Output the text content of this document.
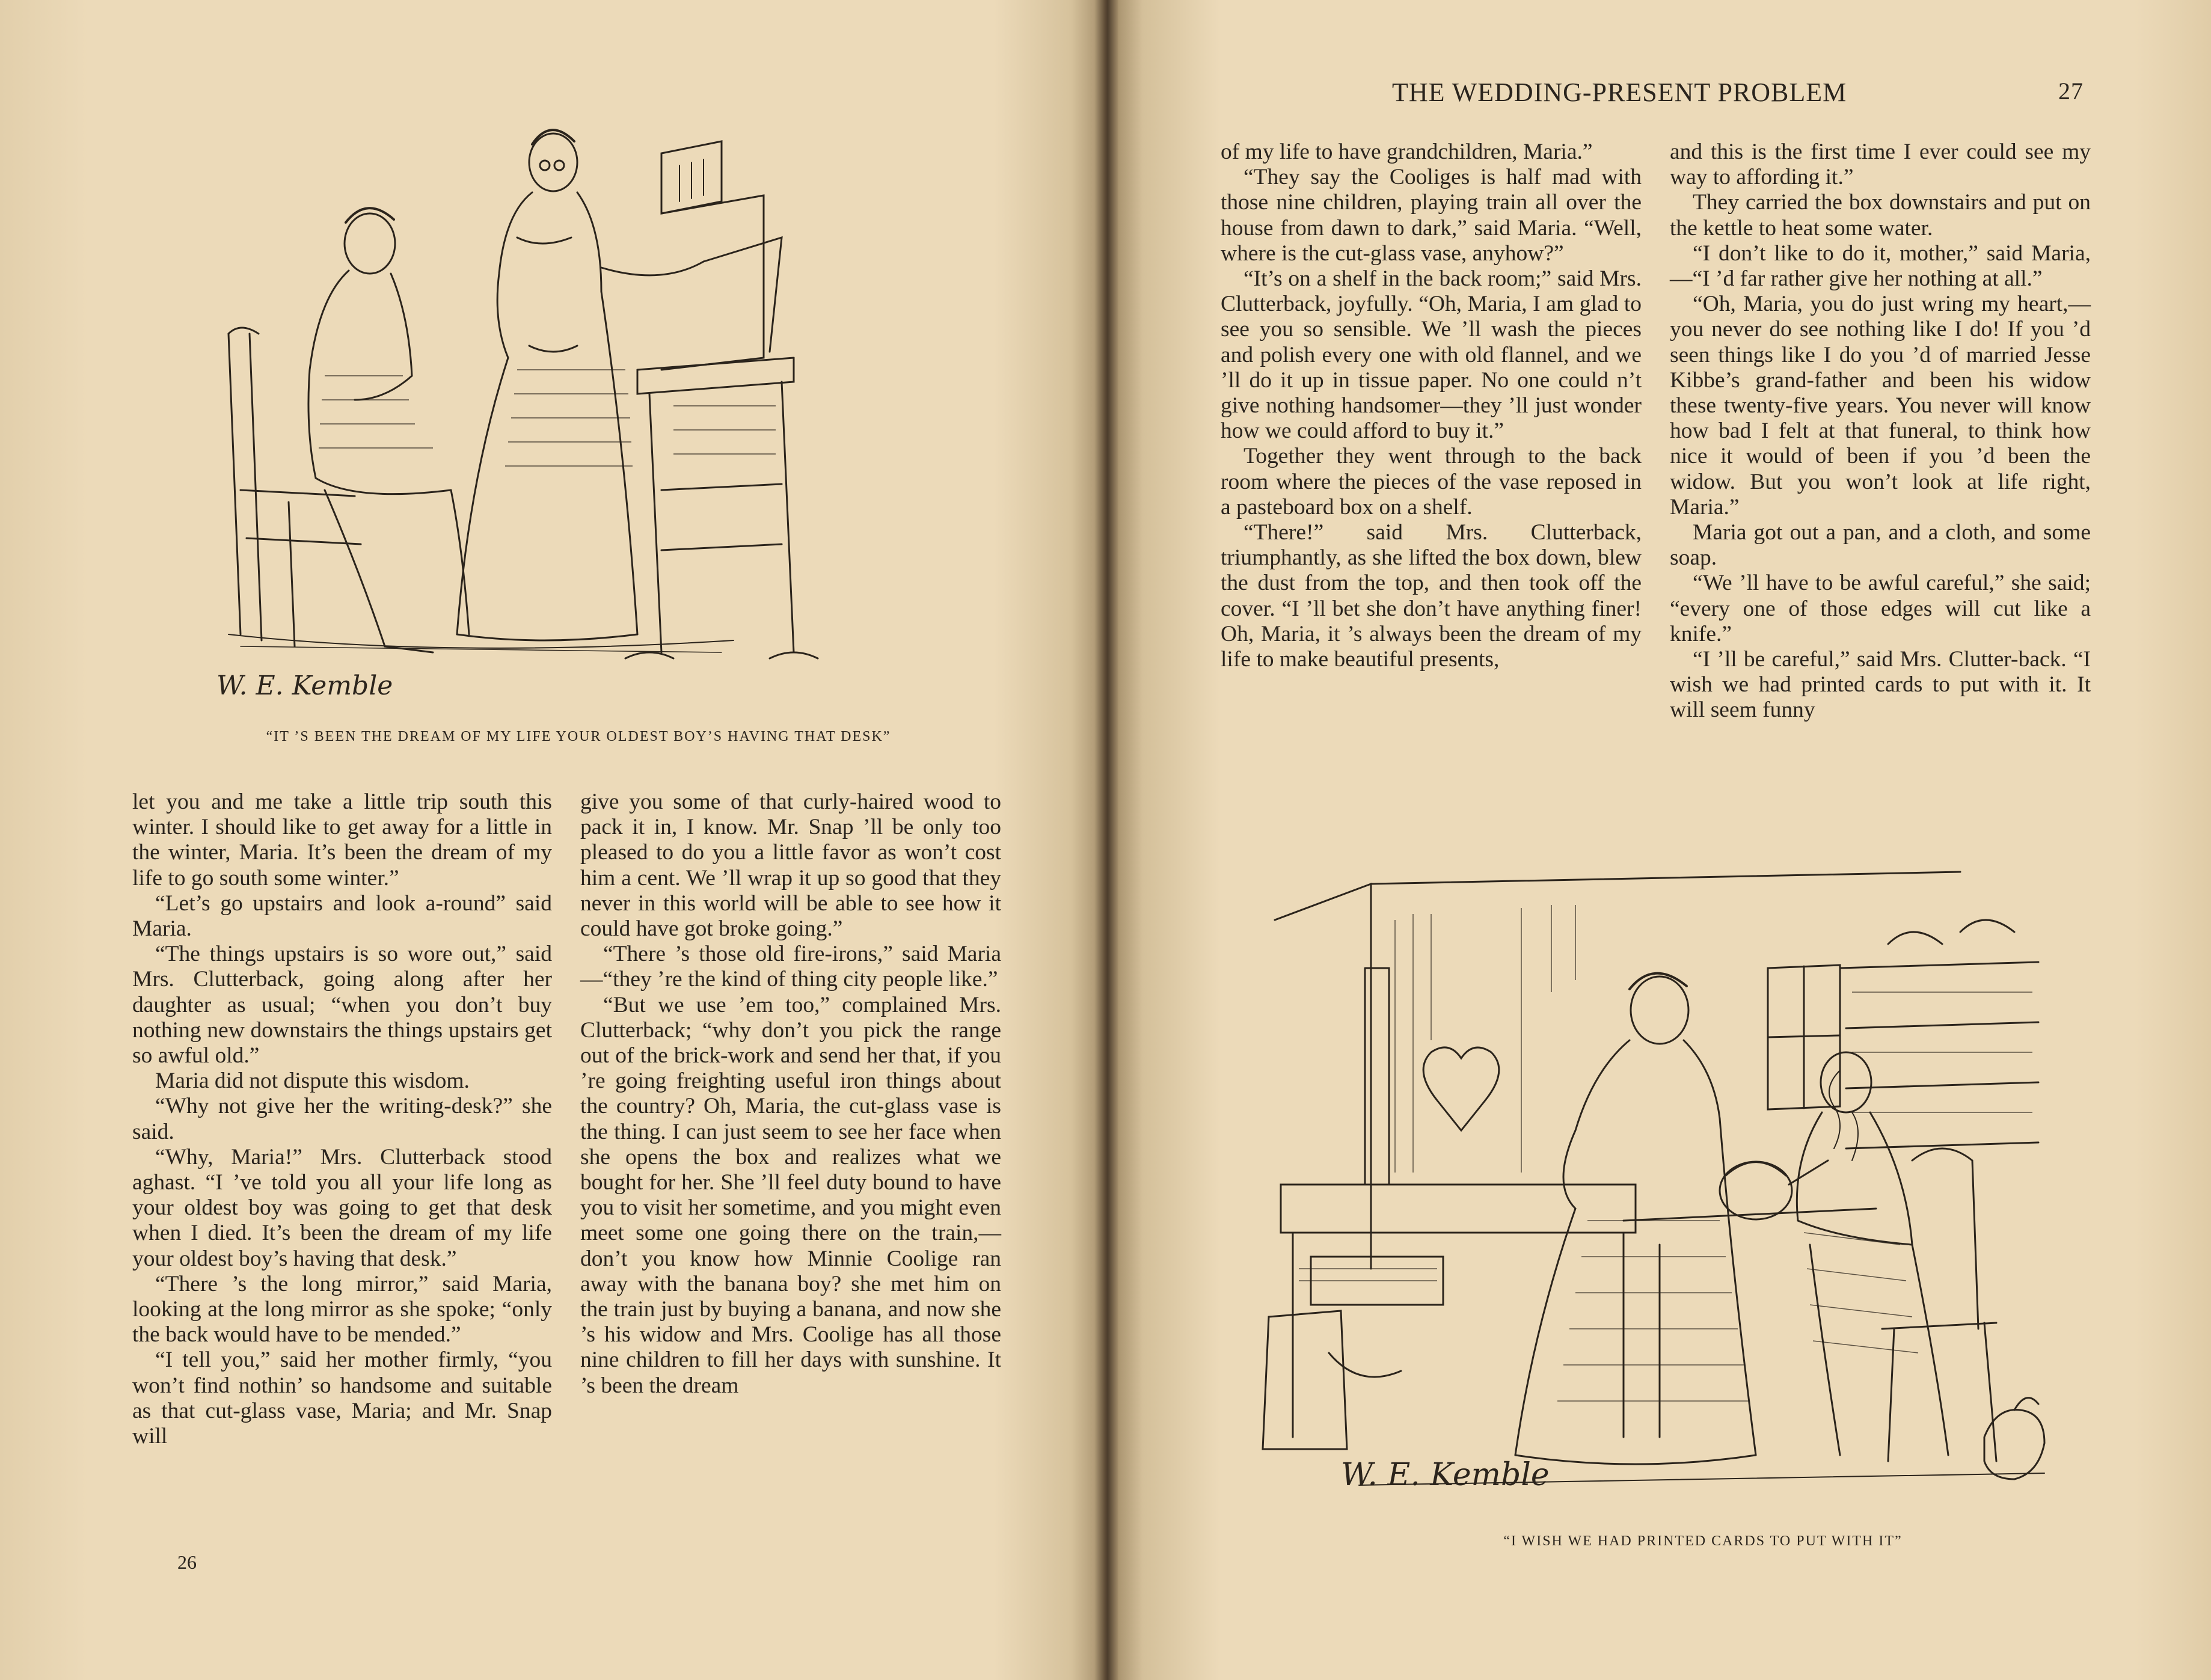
W. E. Kemble
“IT ’S BEEN THE DREAM OF MY LIFE YOUR OLDEST BOY’S HAVING THAT DESK”

let you and me take a little trip south this winter. I should like to get away for a little in the winter, Maria. It’s been the dream of my life to go south some winter.”

“Let’s go upstairs and look a-round” said Maria.

“The things upstairs is so wore out,” said Mrs. Clutterback, going along after her daughter as usual; “when you don’t buy nothing new downstairs the things upstairs get so awful old.”

Maria did not dispute this wisdom.

“Why not give her the writing-desk?” she said.

“Why, Maria!” Mrs. Clutterback stood aghast. “I ’ve told you all your life long as your oldest boy was going to get that desk when I died. It’s been the dream of my life your oldest boy’s having that desk.”

“There ’s the long mirror,” said Maria, looking at the long mirror as she spoke; “only the back would have to be mended.”

“I tell you,” said her mother firmly, “you won’t find nothin’ so handsome and suitable as that cut-glass vase, Maria; and Mr. Snap will

give you some of that curly-haired wood to pack it in, I know. Mr. Snap ’ll be only too pleased to do you a little favor as won’t cost him a cent. We ’ll wrap it up so good that they never in this world will be able to see how it could have got broke going.”

“There ’s those old fire-irons,” said Maria—“they ’re the kind of thing city people like.”

“But we use ’em too,” complained Mrs. Clutterback; “why don’t you pick the range out of the brick-work and send her that, if you ’re going freighting useful iron things about the country? Oh, Maria, the cut-glass vase is the thing. I can just seem to see her face when she opens the box and realizes what we bought for her. She ’ll feel duty bound to have you to visit her sometime, and you might even meet some one going there on the train,—don’t you know how Minnie Coolige ran away with the banana boy? she met him on the train just by buying a banana, and now she ’s his widow and Mrs. Coolige has all those nine children to fill her days with sunshine. It ’s been the dream

26
THE WEDDING-PRESENT PROBLEM	27

of my life to have grandchildren, Maria.”

“They say the Cooliges is half mad with those nine children, playing train all over the house from dawn to dark,” said Maria. “Well, where is the cut-glass vase, anyhow?”

“It’s on a shelf in the back room;” said Mrs. Clutterback, joyfully. “Oh, Maria, I am glad to see you so sensible. We ’ll wash the pieces and polish every one with old flannel, and we ’ll do it up in tissue paper. No one could n’t give nothing handsomer—they ’ll just wonder how we could afford to buy it.”

Together they went through to the back room where the pieces of the vase reposed in a pasteboard box on a shelf.

“There!” said Mrs. Clutterback, triumphantly, as she lifted the box down, blew the dust from the top, and then took off the cover. “I ’ll bet she don’t have anything finer! Oh, Maria, it ’s always been the dream of my life to make beautiful presents,

and this is the first time I ever could see my way to affording it.”

They carried the box downstairs and put on the kettle to heat some water.

“I don’t like to do it, mother,” said Maria,—“I ’d far rather give her nothing at all.”

“Oh, Maria, you do just wring my heart,—you never do see nothing like I do! If you ’d seen things like I do you ’d of married Jesse Kibbe’s grand-father and been his widow these twenty-five years. You never will know how bad I felt at that funeral, to think how nice it would of been if you ’d been the widow. But you won’t look at life right, Maria.”

Maria got out a pan, and a cloth, and some soap.

“We ’ll have to be awful careful,” she said; “every one of those edges will cut like a knife.”

“I ’ll be careful,” said Mrs. Clutter-back. “I wish we had printed cards to put with it. It will seem funny

W. E. Kemble
“I WISH WE HAD PRINTED CARDS TO PUT WITH IT”
